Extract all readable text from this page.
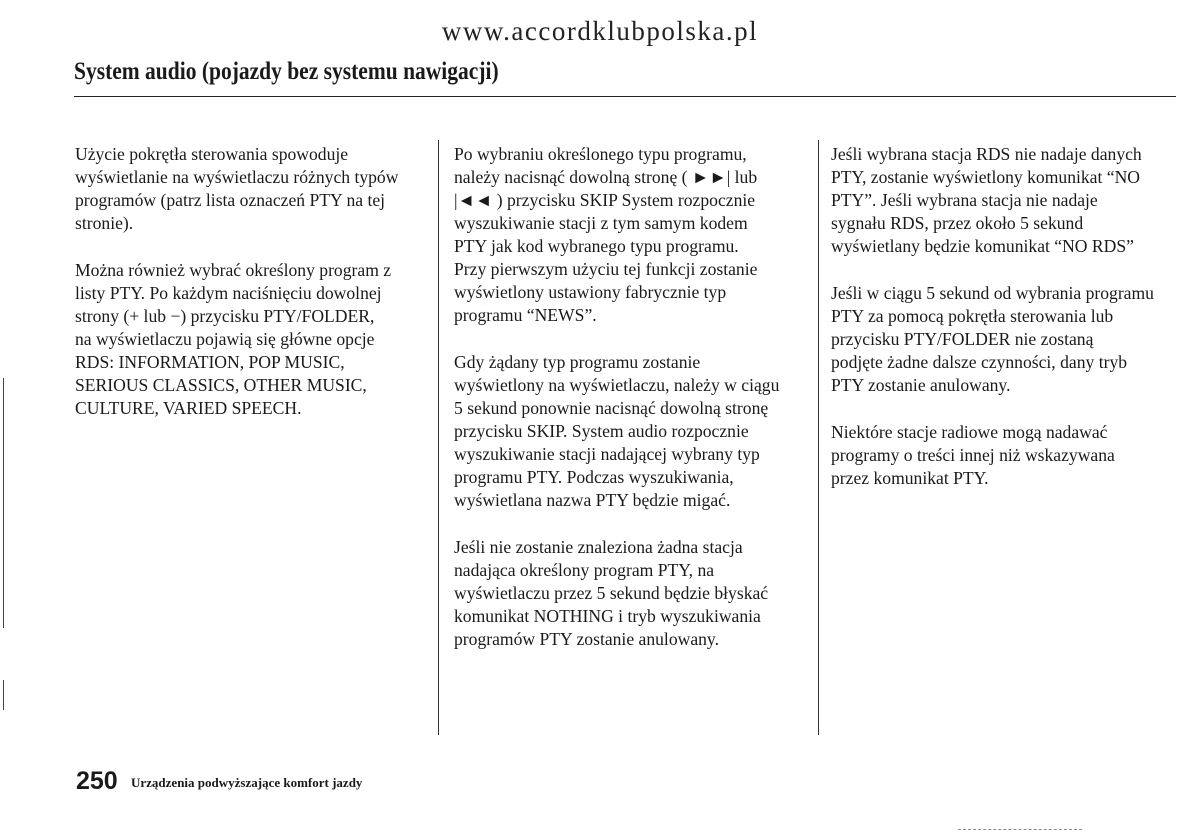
www.accordklubpolska.pl
System audio (pojazdy bez systemu nawigacji)

Użycie pokrętła sterowania spowoduje
wyświetlanie na wyświetlaczu różnych typów
programów (patrz lista oznaczeń PTY na tej
stronie).

Można również wybrać określony program z
listy PTY. Po każdym naciśnięciu dowolnej
strony (+ lub −) przycisku PTY/FOLDER,
na wyświetlaczu pojawią się główne opcje
RDS: INFORMATION, POP MUSIC,
SERIOUS CLASSICS, OTHER MUSIC,
CULTURE, VARIED SPEECH.

Po wybraniu określonego typu programu,
należy nacisnąć dowolną stronę ( ►►| lub
|◄◄ ) przycisku SKIP System rozpocznie
wyszukiwanie stacji z tym samym kodem
PTY jak kod wybranego typu programu.
Przy pierwszym użyciu tej funkcji zostanie
wyświetlony ustawiony fabrycznie typ
programu “NEWS”.

Gdy żądany typ programu zostanie
wyświetlony na wyświetlaczu, należy w ciągu
5 sekund ponownie nacisnąć dowolną stronę
przycisku SKIP. System audio rozpocznie
wyszukiwanie stacji nadającej wybrany typ
programu PTY. Podczas wyszukiwania,
wyświetlana nazwa PTY będzie migać.

Jeśli nie zostanie znaleziona żadna stacja
nadająca określony program PTY, na
wyświetlaczu przez 5 sekund będzie błyskać
komunikat NOTHING i tryb wyszukiwania
programów PTY zostanie anulowany.

Jeśli wybrana stacja RDS nie nadaje danych
PTY, zostanie wyświetlony komunikat “NO
PTY”. Jeśli wybrana stacja nie nadaje
sygnału RDS, przez około 5 sekund
wyświetlany będzie komunikat “NO RDS”

Jeśli w ciągu 5 sekund od wybrania programu
PTY za pomocą pokrętła sterowania lub
przycisku PTY/FOLDER nie zostaną
podjęte żadne dalsze czynności, dany tryb
PTY zostanie anulowany.

Niektóre stacje radiowe mogą nadawać
programy o treści innej niż wskazywana
przez komunikat PTY.

250 Urządzenia podwyższające komfort jazdy
